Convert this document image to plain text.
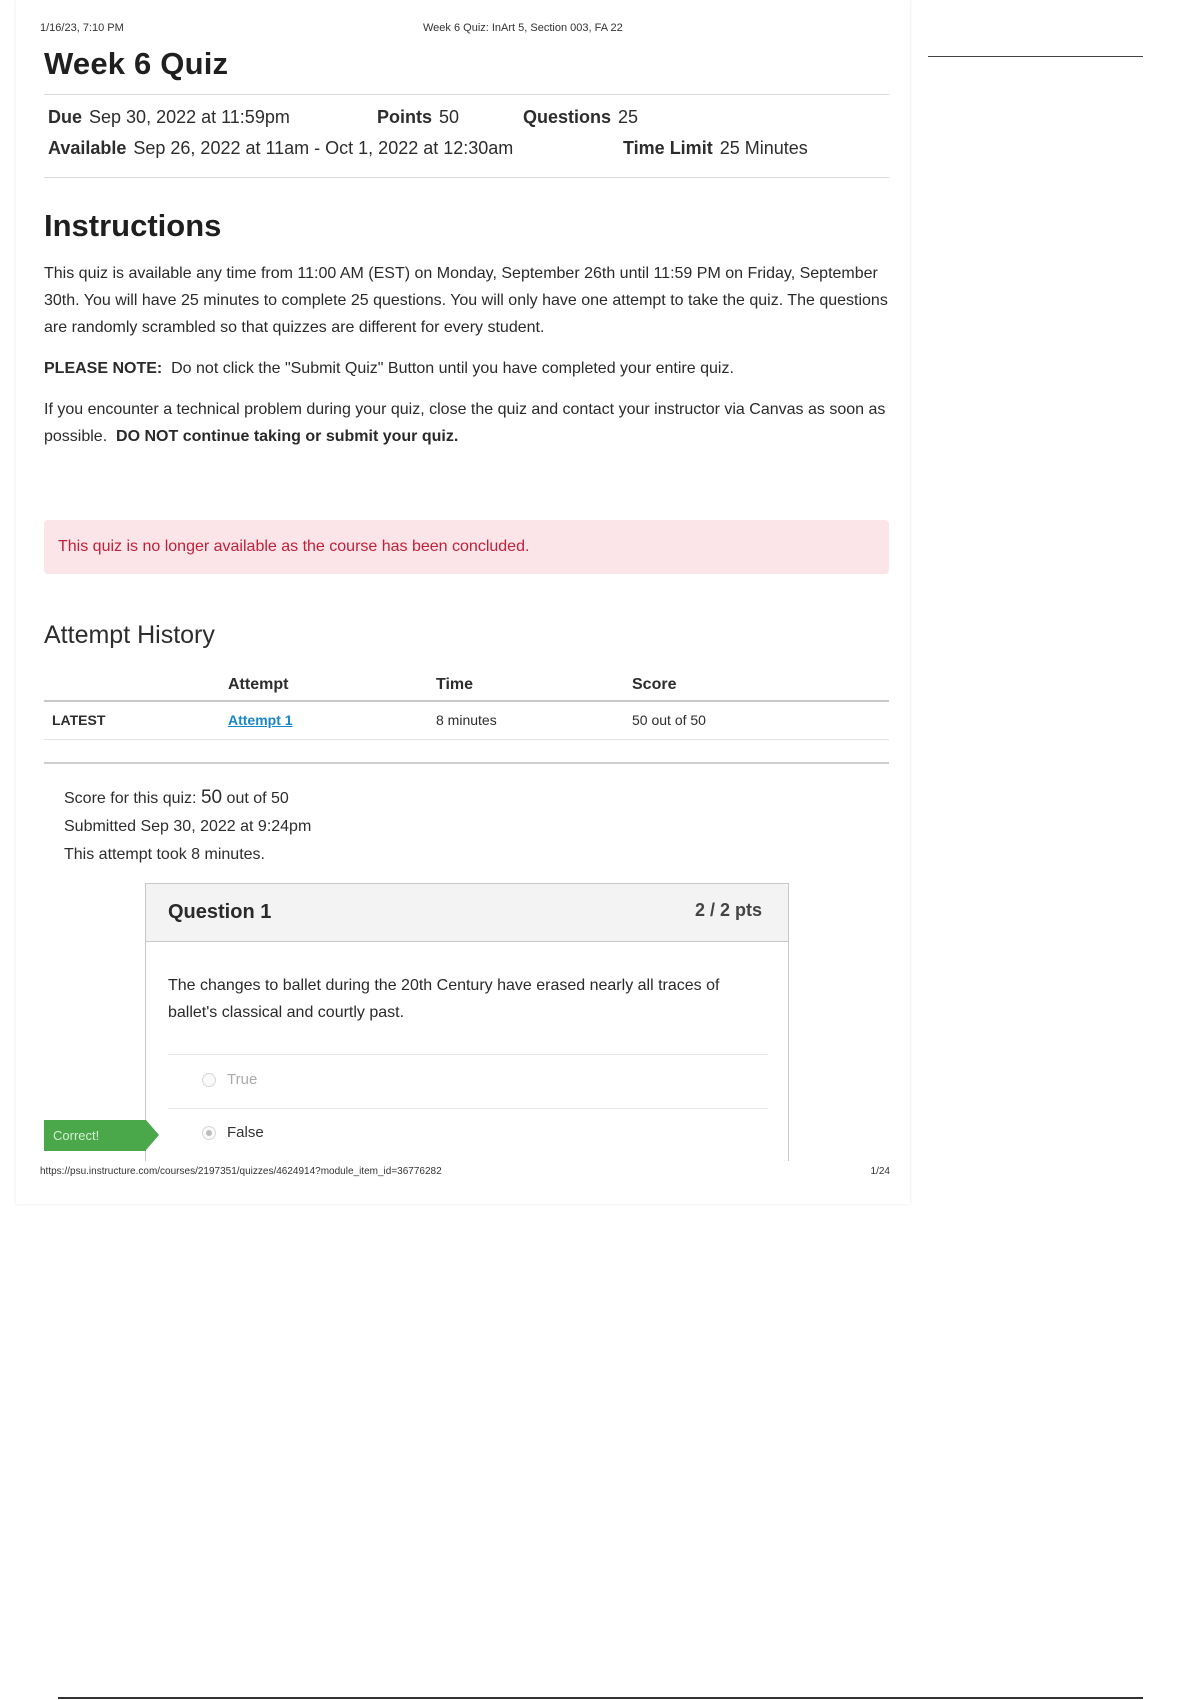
1/16/23, 7:10 PM	Week 6 Quiz: InArt 5, Section 003, FA 22
Week 6 Quiz
Due Sep 30, 2022 at 11:59pm	Points 50	Questions 25
Available Sep 26, 2022 at 11am - Oct 1, 2022 at 12:30am	Time Limit 25 Minutes
Instructions

This quiz is available any time from 11:00 AM (EST) on Monday, September 26th until 11:59 PM on Friday, September 30th. You will have 25 minutes to complete 25 questions. You will only have one attempt to take the quiz. The questions are randomly scrambled so that quizzes are different for every student.

PLEASE NOTE: Do not click the "Submit Quiz" Button until you have completed your entire quiz.

If you encounter a technical problem during your quiz, close the quiz and contact your instructor via Canvas as soon as possible. DO NOT continue taking or submit your quiz.

This quiz is no longer available as the course has been concluded.
Attempt History
	Attempt	Time	Score
LATEST	Attempt 1	8 minutes	50 out of 50
Score for this quiz: 50 out of 50
Submitted Sep 30, 2022 at 9:24pm
This attempt took 8 minutes.
Question 1	2 / 2 pts
The changes to ballet during the 20th Century have erased nearly all traces of ballet's classical and courtly past.
True
False
Correct!
https://psu.instructure.com/courses/2197351/quizzes/4624914?module_item_id=36776282	1/24
